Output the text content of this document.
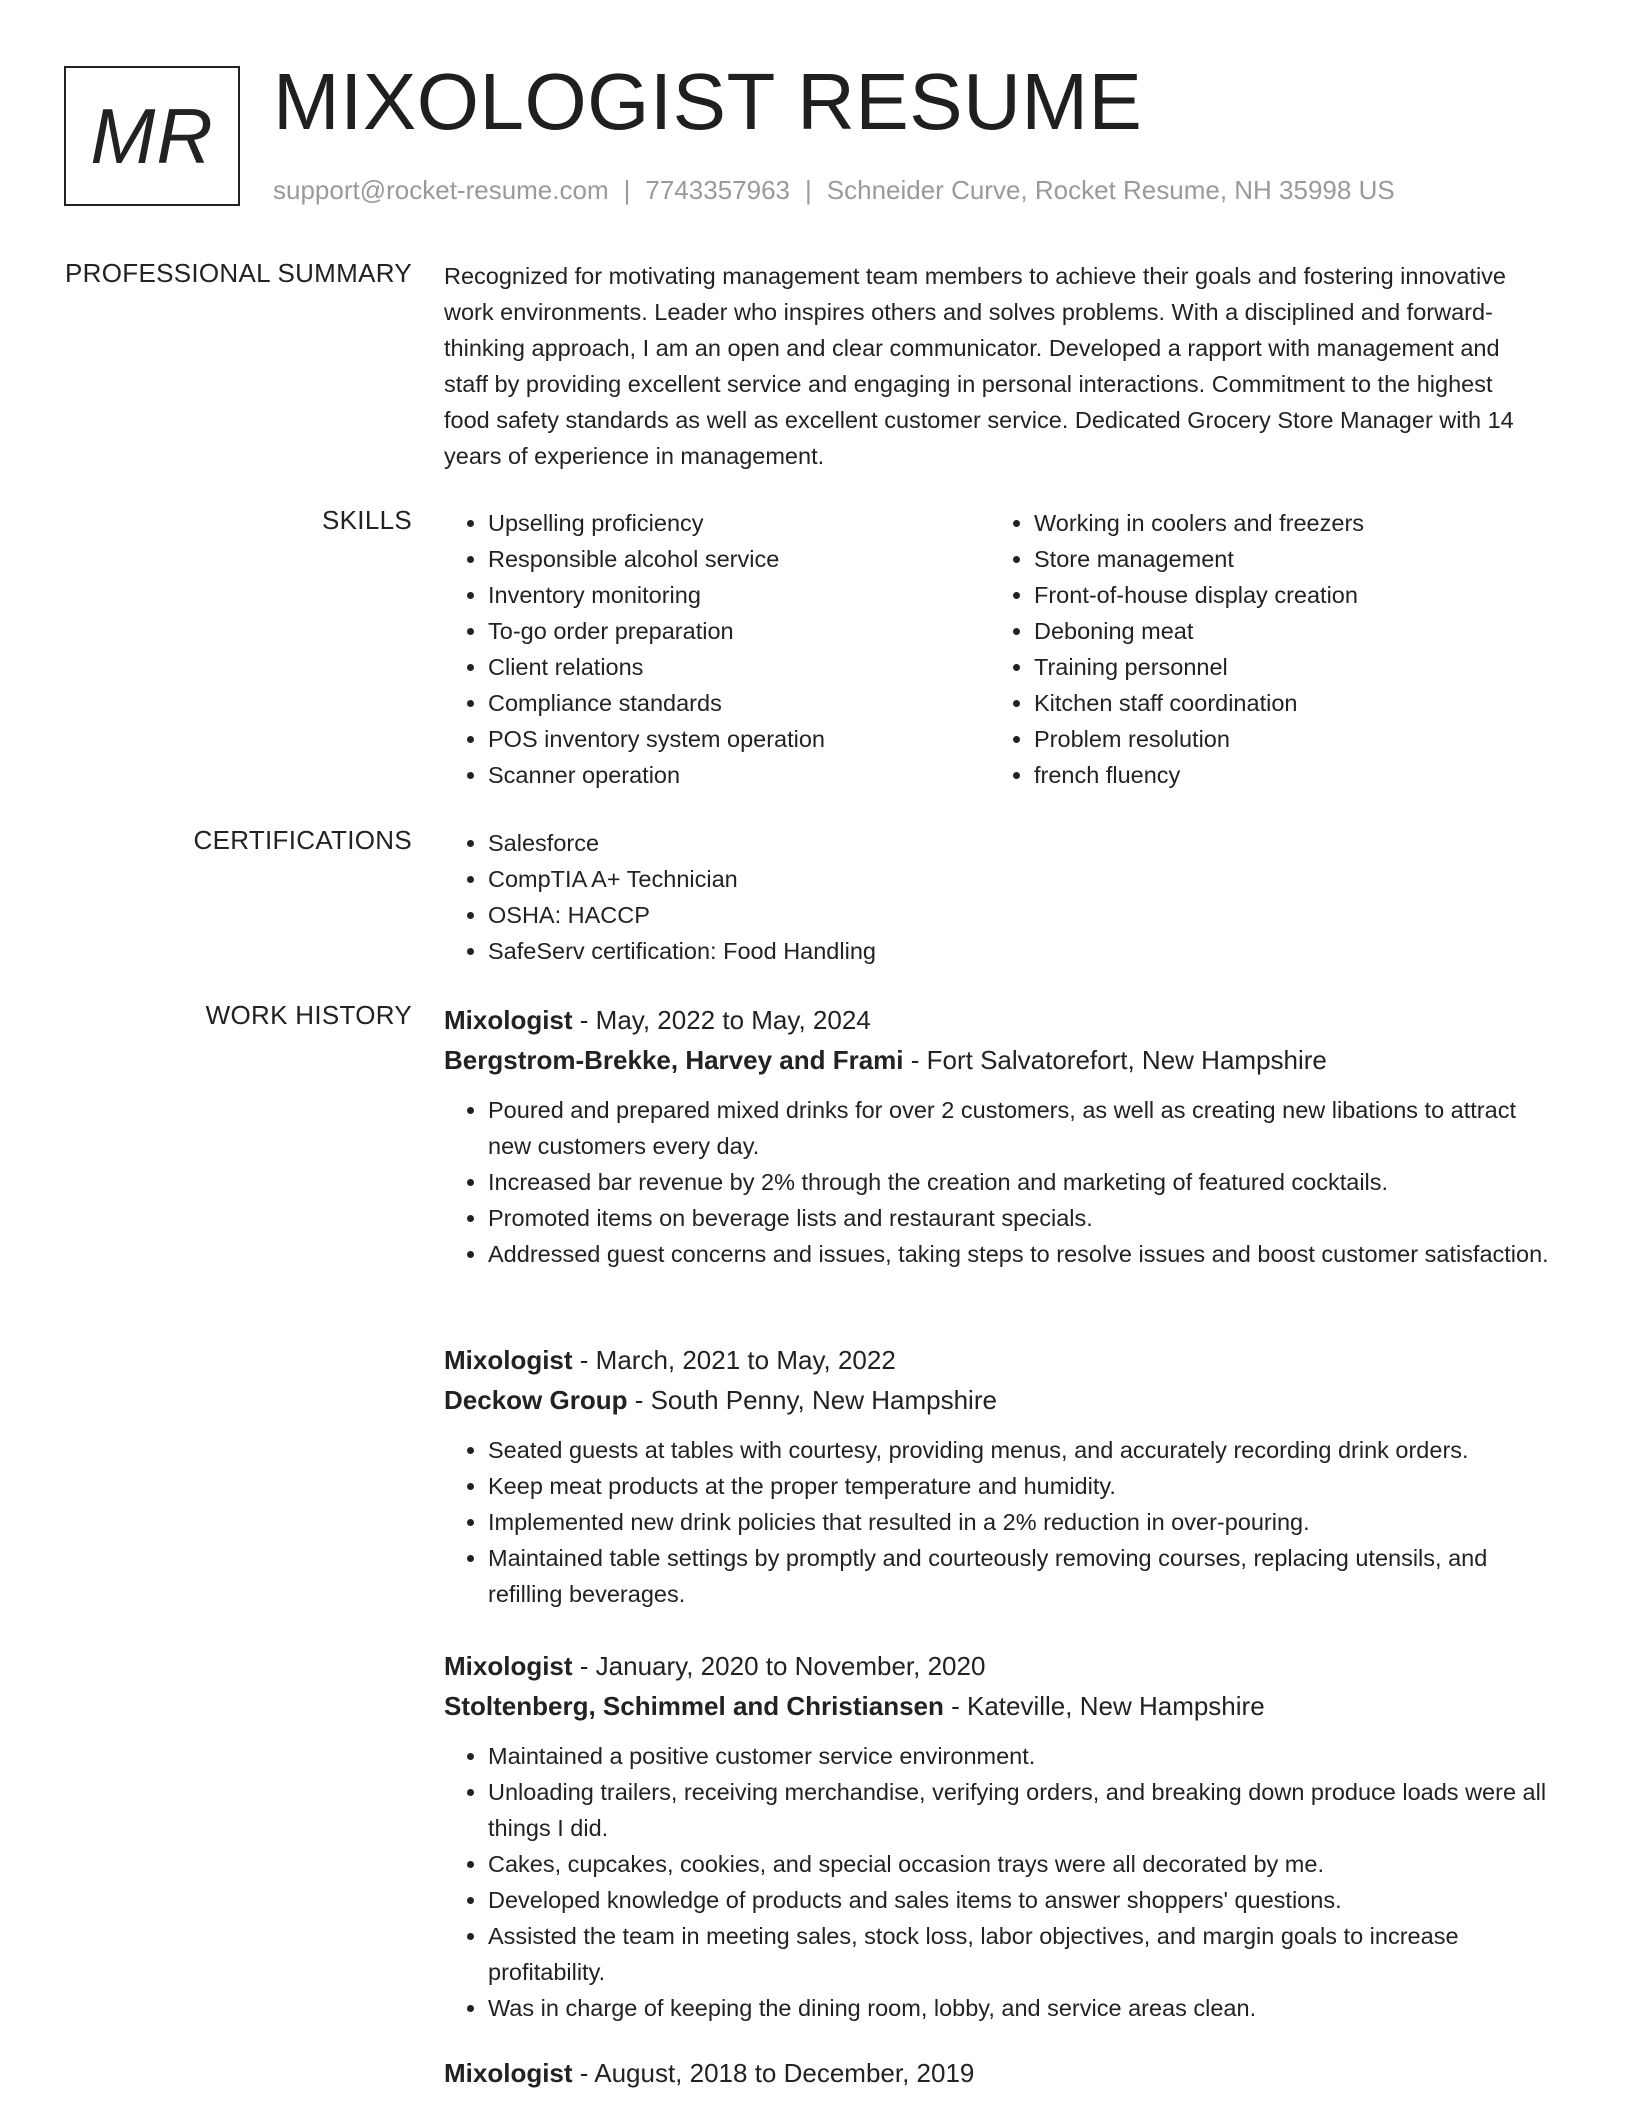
MR MIXOLOGIST RESUME
support@rocket-resume.com | 7743357963 | Schneider Curve, Rocket Resume, NH 35998 US
PROFESSIONAL SUMMARY Recognized for motivating management team members to achieve their goals and fostering innovative work environments. Leader who inspires others and solves problems. With a disciplined and forward-thinking approach, I am an open and clear communicator. Developed a rapport with management and staff by providing excellent service and engaging in personal interactions. Commitment to the highest food safety standards as well as excellent customer service. Dedicated Grocery Store Manager with 14 years of experience in management.
SKILLS	• Upselling proficiency
• Responsible alcohol service
• Inventory monitoring
• To-go order preparation
• Client relations
• Compliance standards
• POS inventory system operation
• Scanner operation
• Working in coolers and freezers
• Store management
• Front-of-house display creation
• Deboning meat
• Training personnel
• Kitchen staff coordination
• Problem resolution
• french fluency
CERTIFICATIONS	• Salesforce
• CompTIA A+ Technician
• OSHA: HACCP
• SafeServ certification: Food Handling
WORK HISTORY Mixologist - May, 2022 to May, 2024
Bergstrom-Brekke, Harvey and Frami - Fort Salvatorefort, New Hampshire
• Poured and prepared mixed drinks for over 2 customers, as well as creating new libations to attract new customers every day.
• Increased bar revenue by 2% through the creation and marketing of featured cocktails.
• Promoted items on beverage lists and restaurant specials.
• Addressed guest concerns and issues, taking steps to resolve issues and boost customer satisfaction.
Mixologist - March, 2021 to May, 2022
Deckow Group - South Penny, New Hampshire
• Seated guests at tables with courtesy, providing menus, and accurately recording drink orders.
• Keep meat products at the proper temperature and humidity.
• Implemented new drink policies that resulted in a 2% reduction in over-pouring.
• Maintained table settings by promptly and courteously removing courses, replacing utensils, and refilling beverages.
Mixologist - January, 2020 to November, 2020
Stoltenberg, Schimmel and Christiansen - Kateville, New Hampshire
• Maintained a positive customer service environment.
• Unloading trailers, receiving merchandise, verifying orders, and breaking down produce loads were all things I did.
• Cakes, cupcakes, cookies, and special occasion trays were all decorated by me.
• Developed knowledge of products and sales items to answer shoppers' questions.
• Assisted the team in meeting sales, stock loss, labor objectives, and margin goals to increase profitability.
• Was in charge of keeping the dining room, lobby, and service areas clean.
Mixologist - August, 2018 to December, 2019
